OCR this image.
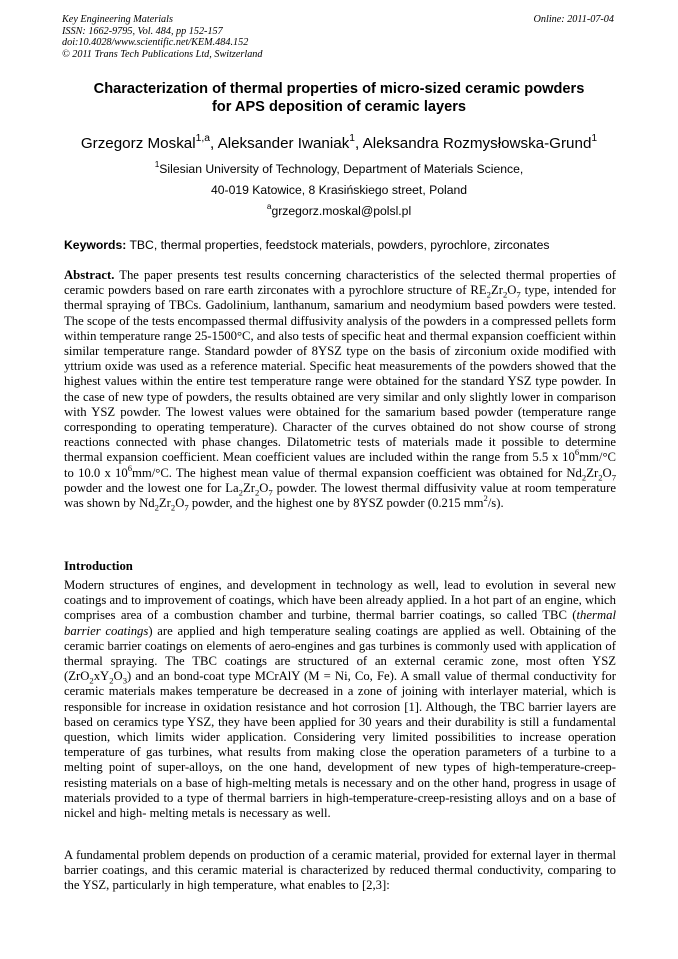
Key Engineering Materials
ISSN: 1662-9795, Vol. 484, pp 152-157
doi:10.4028/www.scientific.net/KEM.484.152
© 2011 Trans Tech Publications Ltd, Switzerland
Online: 2011-07-04
Characterization of thermal properties of micro-sized ceramic powders
for APS deposition of ceramic layers
Grzegorz Moskal$^{1,a}$, Aleksander Iwaniak$^1$, Aleksandra Rozmysłowska-Grund$^1$
$^1$Silesian University of Technology, Department of Materials Science,
40-019 Katowice, 8 Krasińskiego street, Poland
$^a$grzegorz.moskal@polsl.pl
Keywords: TBC, thermal properties, feedstock materials, powders, pyrochlore, zirconates

Abstract. The paper presents test results concerning characteristics of the selected thermal properties of ceramic powders based on rare earth zirconates with a pyrochlore structure of $RE_2Zr_2O_7$ type, intended for thermal spraying of TBCs. Gadolinium, lanthanum, samarium and neodymium based powders were tested. The scope of the tests encompassed thermal diffusivity analysis of the powders in a compressed pellets form within temperature range 25-1500°C, and also tests of specific heat and thermal expansion coefficient within similar temperature range. Standard powder of 8YSZ type on the basis of zirconium oxide modified with yttrium oxide was used as a reference material. Specific heat measurements of the powders showed that the highest values within the entire test temperature range were obtained for the standard YSZ type powder. In the case of new type of powders, the results obtained are very similar and only slightly lower in comparison with YSZ powder. The lowest values were obtained for the samarium based powder (temperature range corresponding to operating temperature). Character of the curves obtained do not show course of strong reactions connected with phase changes. Dilatometric tests of materials made it possible to determine thermal expansion coefficient. Mean coefficient values are included within the range from 5.5 x $10^6mm/^\circ C$ to 10.0 x $10^6mm/^\circ C$. The highest mean value of thermal expansion coefficient was obtained for $Nd_2Zr_2O_7$ powder and the lowest one for $La_2Zr_2O_7$ powder. The lowest thermal diffusivity value at room temperature was shown by $Nd_2Zr_2O_7$ powder, and the highest one by 8YSZ powder (0.215 $mm^2/s$).

Introduction

Modern structures of engines, and development in technology as well, lead to evolution in several new coatings and to improvement of coatings, which have been already applied. In a hot part of an engine, which comprises area of a combustion chamber and turbine, thermal barrier coatings, so called TBC (thermal barrier coatings) are applied and high temperature sealing coatings are applied as well. Obtaining of the ceramic barrier coatings on elements of aero-engines and gas turbines is commonly used with application of thermal spraying. The TBC coatings are structured of an external ceramic zone, most often YSZ $(ZrO_2xY_2O_3)$ and an bond-coat type MCrAlY (M = Ni, Co, Fe). A small value of thermal conductivity for ceramic materials makes temperature be decreased in a zone of joining with interlayer material, which is responsible for increase in oxidation resistance and hot corrosion [1]. Although, the TBC barrier layers are based on ceramics type YSZ, they have been applied for 30 years and their durability is still a fundamental question, which limits wider application. Considering very limited possibilities to increase operation temperature of gas turbines, what results from making close the operation parameters of a turbine to a melting point of super-alloys, on the one hand, development of new types of high-temperature-creep-resisting materials on a base of high-melting metals is necessary and on the other hand, progress in usage of materials provided to a type of thermal barriers in high-temperature-creep-resisting alloys and on a base of nickel and high- melting metals is necessary as well.

A fundamental problem depends on production of a ceramic material, provided for external layer in thermal barrier coatings, and this ceramic material is characterized by reduced thermal conductivity, comparing to the YSZ, particularly in high temperature, what enables to [2,3]:
